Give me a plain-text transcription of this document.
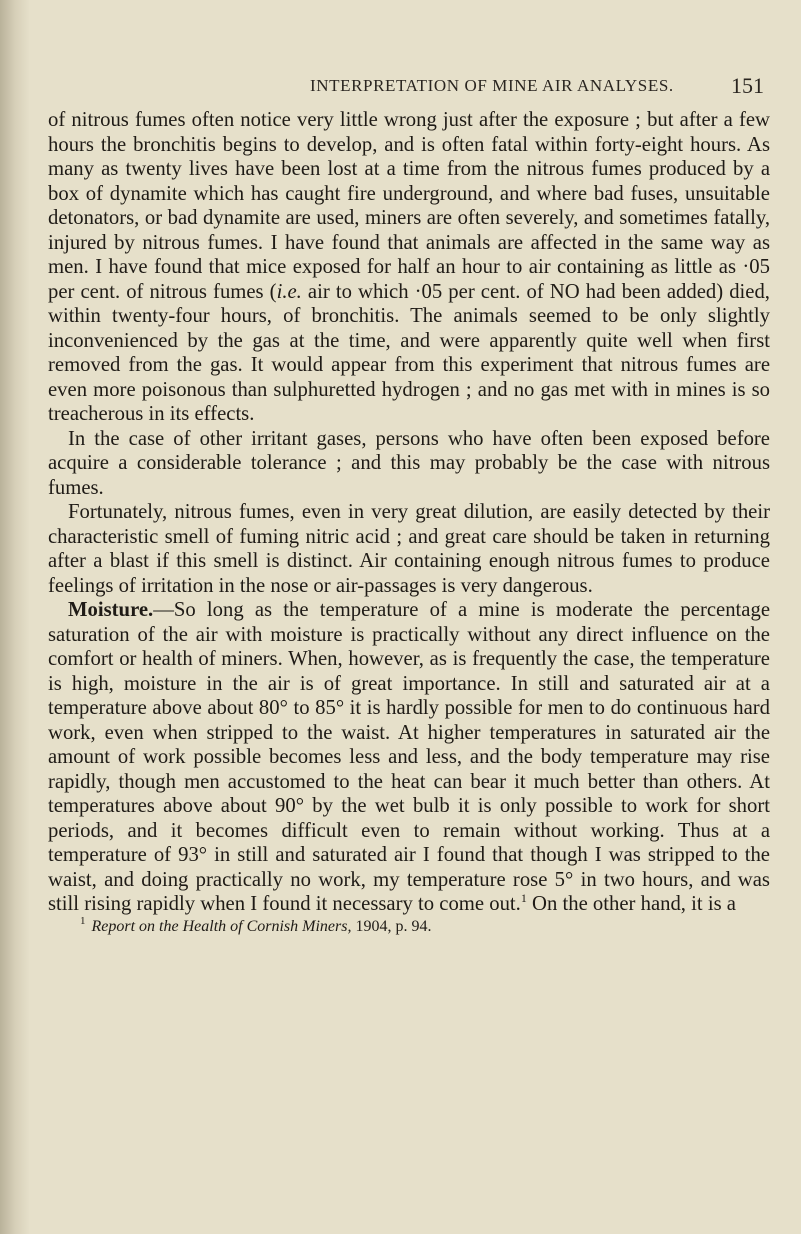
INTERPRETATION OF MINE AIR ANALYSES.	151

of nitrous fumes often notice very little wrong just after the exposure ; but after a few hours the bronchitis begins to develop, and is often fatal within forty-eight hours. As many as twenty lives have been lost at a time from the nitrous fumes produced by a box of dynamite which has caught fire underground, and where bad fuses, unsuitable detonators, or bad dynamite are used, miners are often severely, and sometimes fatally, injured by nitrous fumes. I have found that animals are affected in the same way as men. I have found that mice exposed for half an hour to air containing as little as ·05 per cent. of nitrous fumes (i.e. air to which ·05 per cent. of NO had been added) died, within twenty-four hours, of bronchitis. The animals seemed to be only slightly inconvenienced by the gas at the time, and were apparently quite well when first removed from the gas. It would appear from this experiment that nitrous fumes are even more poisonous than sulphuretted hydrogen ; and no gas met with in mines is so treacherous in its effects.

In the case of other irritant gases, persons who have often been exposed before acquire a considerable tolerance ; and this may probably be the case with nitrous fumes.

Fortunately, nitrous fumes, even in very great dilution, are easily detected by their characteristic smell of fuming nitric acid ; and great care should be taken in returning after a blast if this smell is distinct. Air containing enough nitrous fumes to produce feelings of irritation in the nose or air-passages is very dangerous.

Moisture.—So long as the temperature of a mine is moderate the percentage saturation of the air with moisture is practically without any direct influence on the comfort or health of miners. When, however, as is frequently the case, the temperature is high, moisture in the air is of great importance. In still and saturated air at a temperature above about 80° to 85° it is hardly possible for men to do continuous hard work, even when stripped to the waist. At higher temperatures in saturated air the amount of work possible becomes less and less, and the body temperature may rise rapidly, though men accustomed to the heat can bear it much better than others. At temperatures above about 90° by the wet bulb it is only possible to work for short periods, and it becomes difficult even to remain without working. Thus at a temperature of 93° in still and saturated air I found that though I was stripped to the waist, and doing practically no work, my temperature rose 5° in two hours, and was still rising rapidly when I found it necessary to come out.$^1$ On the other hand, it is a

$^1$ Report on the Health of Cornish Miners, 1904, p. 94.
